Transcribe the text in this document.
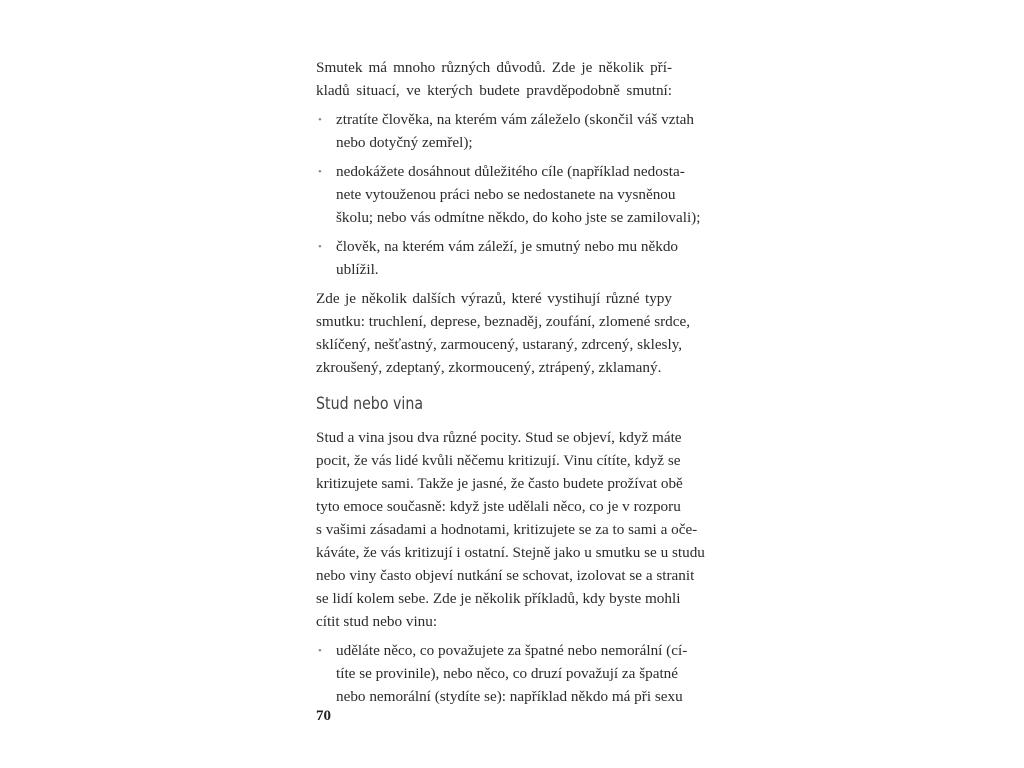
Smutek má mnoho různých důvodů. Zde je několik pří-
kladů situací, ve kterých budete pravděpodobně smutní:
• ztratíte člověka, na kterém vám záleželo (skončil váš vztah
nebo dotyčný zemřel);
• nedokážete dosáhnout důležitého cíle (například nedosta-
nete vytouženou práci nebo se nedostanete na vysněnou
školu; nebo vás odmítne někdo, do koho jste se zamilovali);
• člověk, na kterém vám záleží, je smutný nebo mu někdo
ublížil.
Zde je několik dalších výrazů, které vystihují různé typy
smutku: truchlení, deprese, beznaděj, zoufání, zlomené srdce,
sklíčený, nešťastný, zarmoucený, ustaraný, zdrcený, sklesly,
zkroušený, zdeptaný, zkormoucený, ztrápený, zklamaný.
Stud nebo vina
Stud a vina jsou dva různé pocity. Stud se objeví, když máte
pocit, že vás lidé kvůli něčemu kritizují. Vinu cítíte, když se
kritizujete sami. Takže je jasné, že často budete prožívat obě
tyto emoce současně: když jste udělali něco, co je v rozporu
s vašimi zásadami a hodnotami, kritizujete se za to sami a oče-
káváte, že vás kritizují i ostatní. Stejně jako u smutku se u studu
nebo viny často objeví nutkání se schovat, izolovat se a stranit
se lidí kolem sebe. Zde je několik příkladů, kdy byste mohli
cítit stud nebo vinu:
• uděláte něco, co považujete za špatné nebo nemorální (cí-
títe se provinile), nebo něco, co druzí považují za špatné
nebo nemorální (stydíte se): například někdo má při sexu
70
